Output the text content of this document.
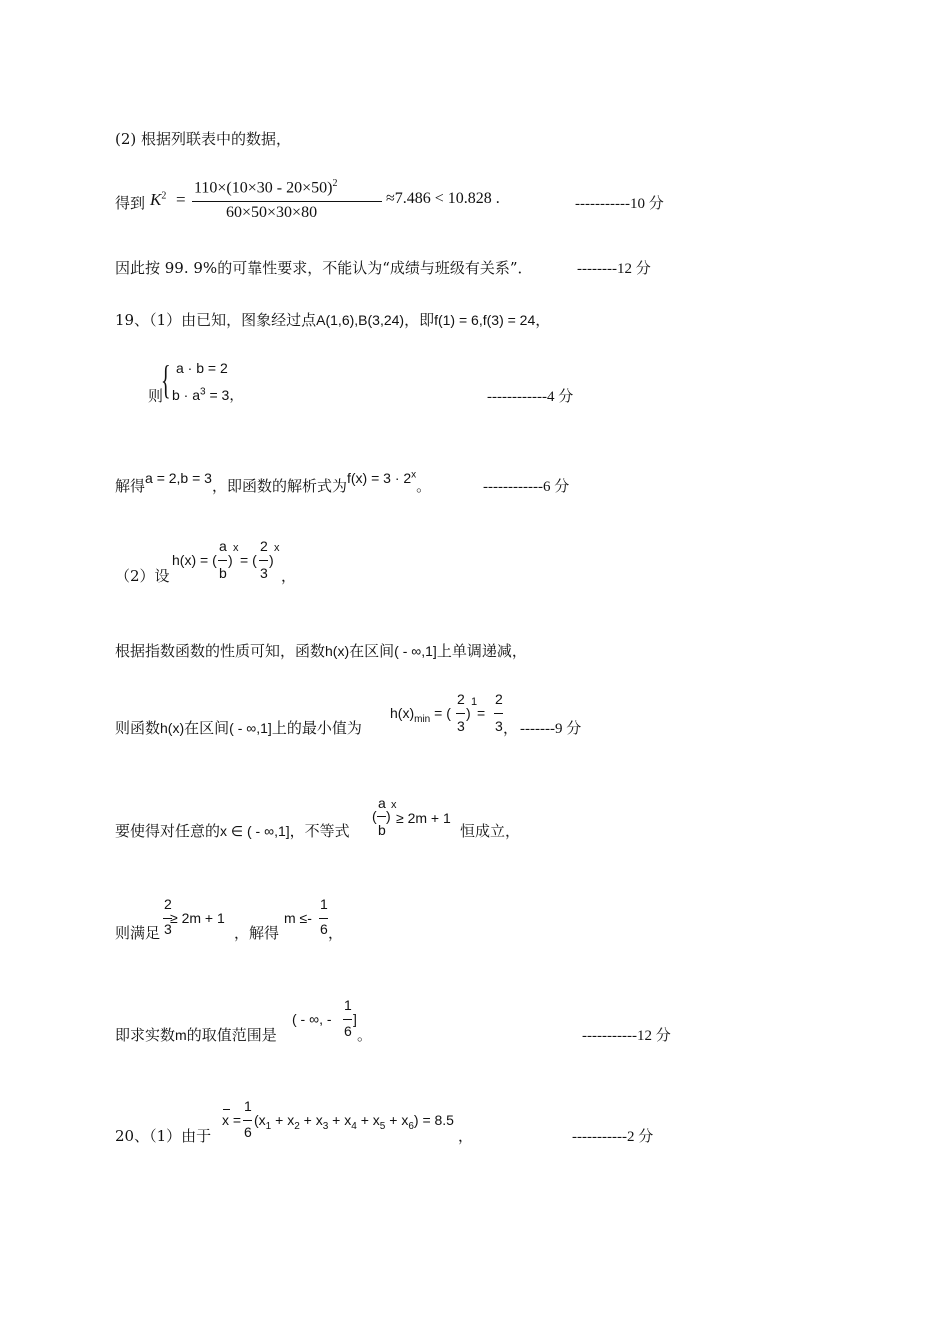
(2) 根据列联表中的数据，
得到 $K^2$ =
$110\times(10\times 30 - 20\times 50)^2$
60×50×30×80
≈7.486 < 10.828 .	-----------10 分
因此按 99. 9%的可靠性要求，不能认为“成绩与班级有关系”．	--------12 分
19、（1）由已知，图象经过点A(1,6),B(3,24)，即f(1) = 6,f(3) = 24，
则
{ a · b = 2
$b \cdot a^3 = 3$，	------------4 分
解得a = 2,b = 3，即函数的解析式为$f(x) = 3 \cdot 2^x$。	------------6 分
（2）设
h(x) = (
a
b
)
x
= (
2
3
)
x
，
根据指数函数的性质可知，函数h(x)在区间( - ∞,1]上单调递减，
则函数h(x)在区间( - ∞,1]上的最小值为
$h(x)_{min}$ = (
2
3
)
1
=
2
3 ， -------9 分
要使得对任意的x ∈ ( - ∞,1]，不等式
a
(
b
)
x
≥ 2m + 1
恒成立，
则满足
2
3
≥ 2m + 1
，解得
m ≤-
1
6 ，
即求实数m的取值范围是
( - ∞, -
1
6
]
。	-----------12 分
20、（1）由于
x =
1
6
$(x_1 + x_2 + x_3 + x_4 + x_5 + x_6) = 8.5$
，	-----------2 分
